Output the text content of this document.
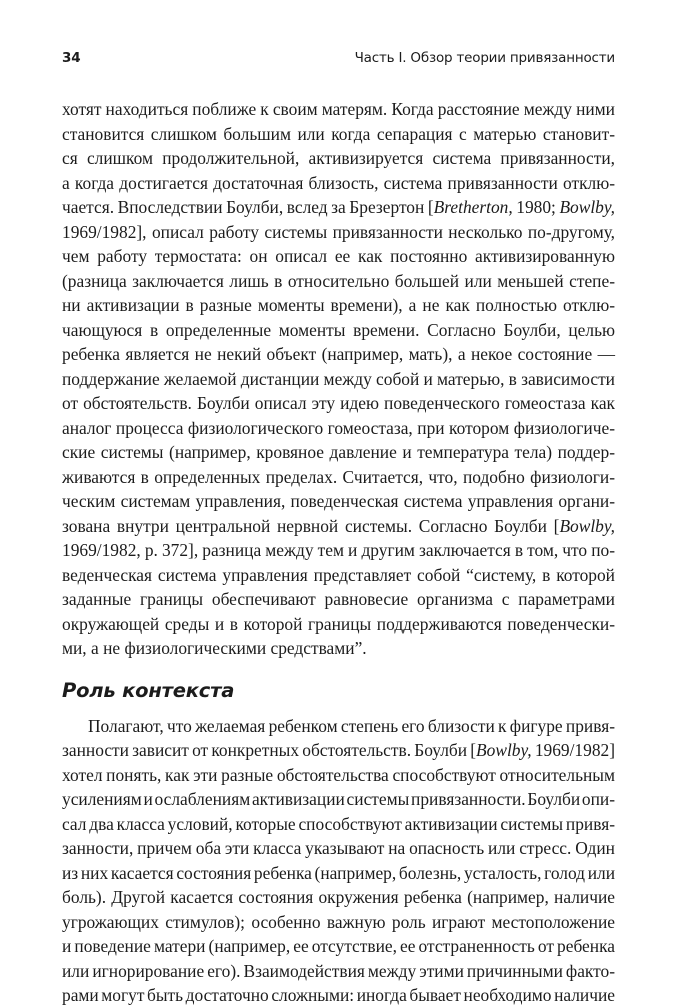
34	Часть I. Обзор теории привязанности

хотят находиться поближе к своим матерям. Когда расстояние между ними
становится слишком большим или когда сепарация с матерью становит-
ся слишком продолжительной, активизируется система привязанности,
а когда достигается достаточная близость, система привязанности отклю-
чается. Впоследствии Боулби, вслед за Брезертон [Bretherton, 1980; Bowlby,
1969/1982], описал работу системы привязанности несколько по-другому,
чем работу термостата: он описал ее как постоянно активизированную
(разница заключается лишь в относительно большей или меньшей степе-
ни активизации в разные моменты времени), а не как полностью отклю-
чающуюся в определенные моменты времени. Согласно Боулби, целью
ребенка является не некий объект (например, мать), а некое состояние —
поддержание желаемой дистанции между собой и матерью, в зависимости
от обстоятельств. Боулби описал эту идею поведенческого гомеостаза как
аналог процесса физиологического гомеостаза, при котором физиологиче-
ские системы (например, кровяное давление и температура тела) поддер-
живаются в определенных пределах. Считается, что, подобно физиологи-
ческим системам управления, поведенческая система управления органи-
зована внутри центральной нервной системы. Согласно Боулби [Bowlby,
1969/1982, p. 372], разница между тем и другим заключается в том, что по-
веденческая система управления представляет собой “систему, в которой
заданные границы обеспечивают равновесие организма с параметрами
окружающей среды и в которой границы поддерживаются поведенчески-
ми, а не физиологическими средствами”.

Роль контекста

Полагают, что желаемая ребенком степень его близости к фигуре привя-
занности зависит от конкретных обстоятельств. Боулби [Bowlby, 1969/1982]
хотел понять, как эти разные обстоятельства способствуют относительным
усилениям и ослаблениям активизации системы привязанности. Боулби опи-
сал два класса условий, которые способствуют активизации системы привя-
занности, причем оба эти класса указывают на опасность или стресс. Один
из них касается состояния ребенка (например, болезнь, усталость, голод или
боль). Другой касается состояния окружения ребенка (например, наличие
угрожающих стимулов); особенно важную роль играют местоположение
и поведение матери (например, ее отсутствие, ее отстраненность от ребенка
или игнорирование его). Взаимодействия между этими причинными факто-
рами могут быть достаточно сложными: иногда бывает необходимо наличие
